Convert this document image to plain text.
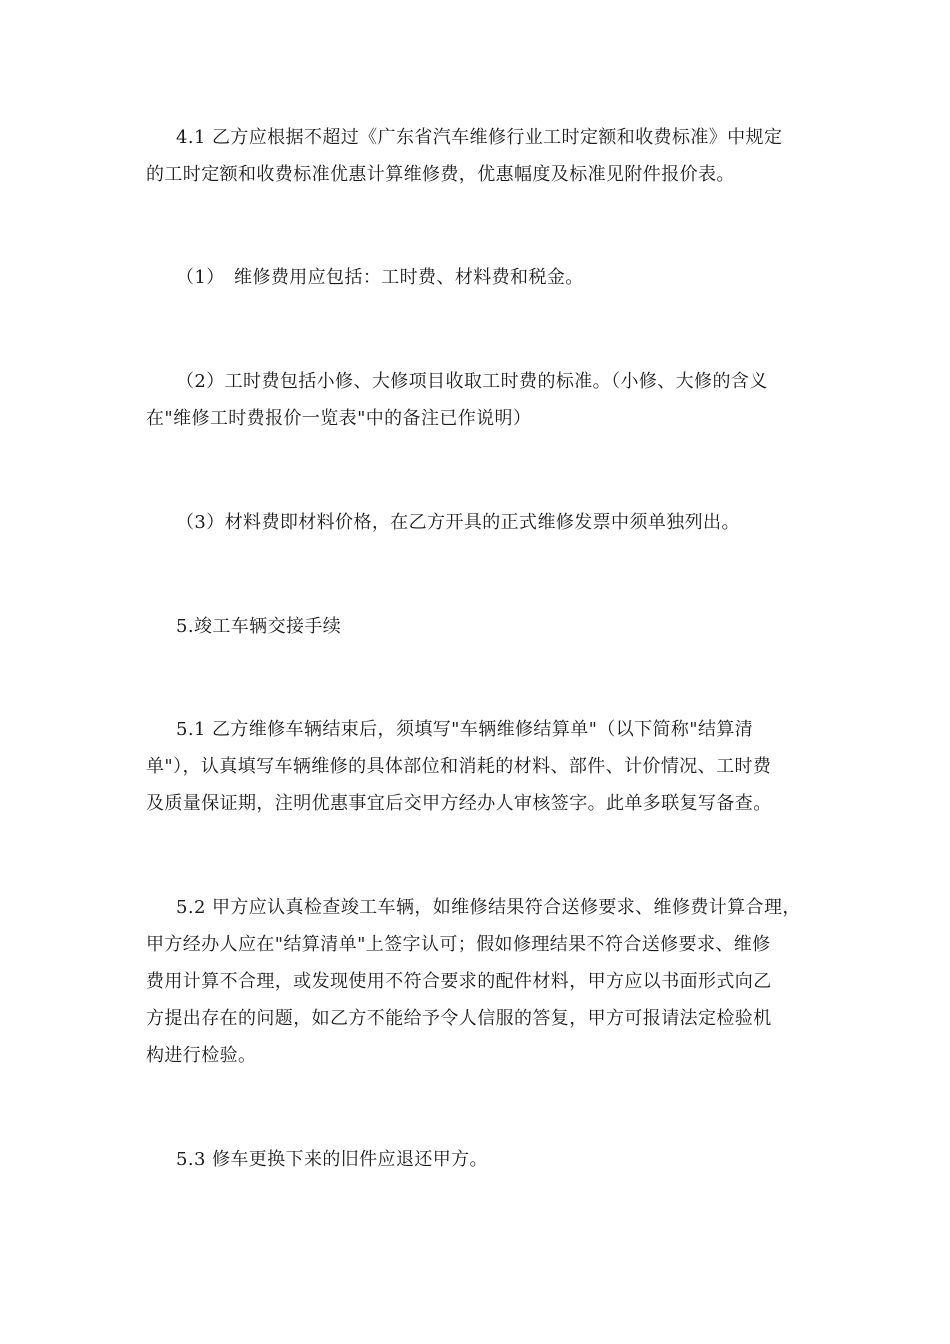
4.1 乙方应根据不超过《广东省汽车维修行业工时定额和收费标准》中规定
的工时定额和收费标准优惠计算维修费，优惠幅度及标准见附件报价表。
（1）　维修费用应包括：工时费、材料费和税金。
（2）工时费包括小修、大修项目收取工时费的标准。（小修、大修的含义
在"维修工时费报价一览表"中的备注已作说明）
（3）材料费即材料价格，在乙方开具的正式维修发票中须单独列出。
5.竣工车辆交接手续
5.1 乙方维修车辆结束后，须填写"车辆维修结算单"（以下简称"结算清
单"），认真填写车辆维修的具体部位和消耗的材料、部件、计价情况、工时费
及质量保证期，注明优惠事宜后交甲方经办人审核签字。此单多联复写备查。
5.2 甲方应认真检查竣工车辆，如维修结果符合送修要求、维修费计算合理，
甲方经办人应在"结算清单"上签字认可；假如修理结果不符合送修要求、维修
费用计算不合理，或发现使用不符合要求的配件材料，甲方应以书面形式向乙
方提出存在的问题，如乙方不能给予令人信服的答复，甲方可报请法定检验机
构进行检验。
5.3 修车更换下来的旧件应退还甲方。
